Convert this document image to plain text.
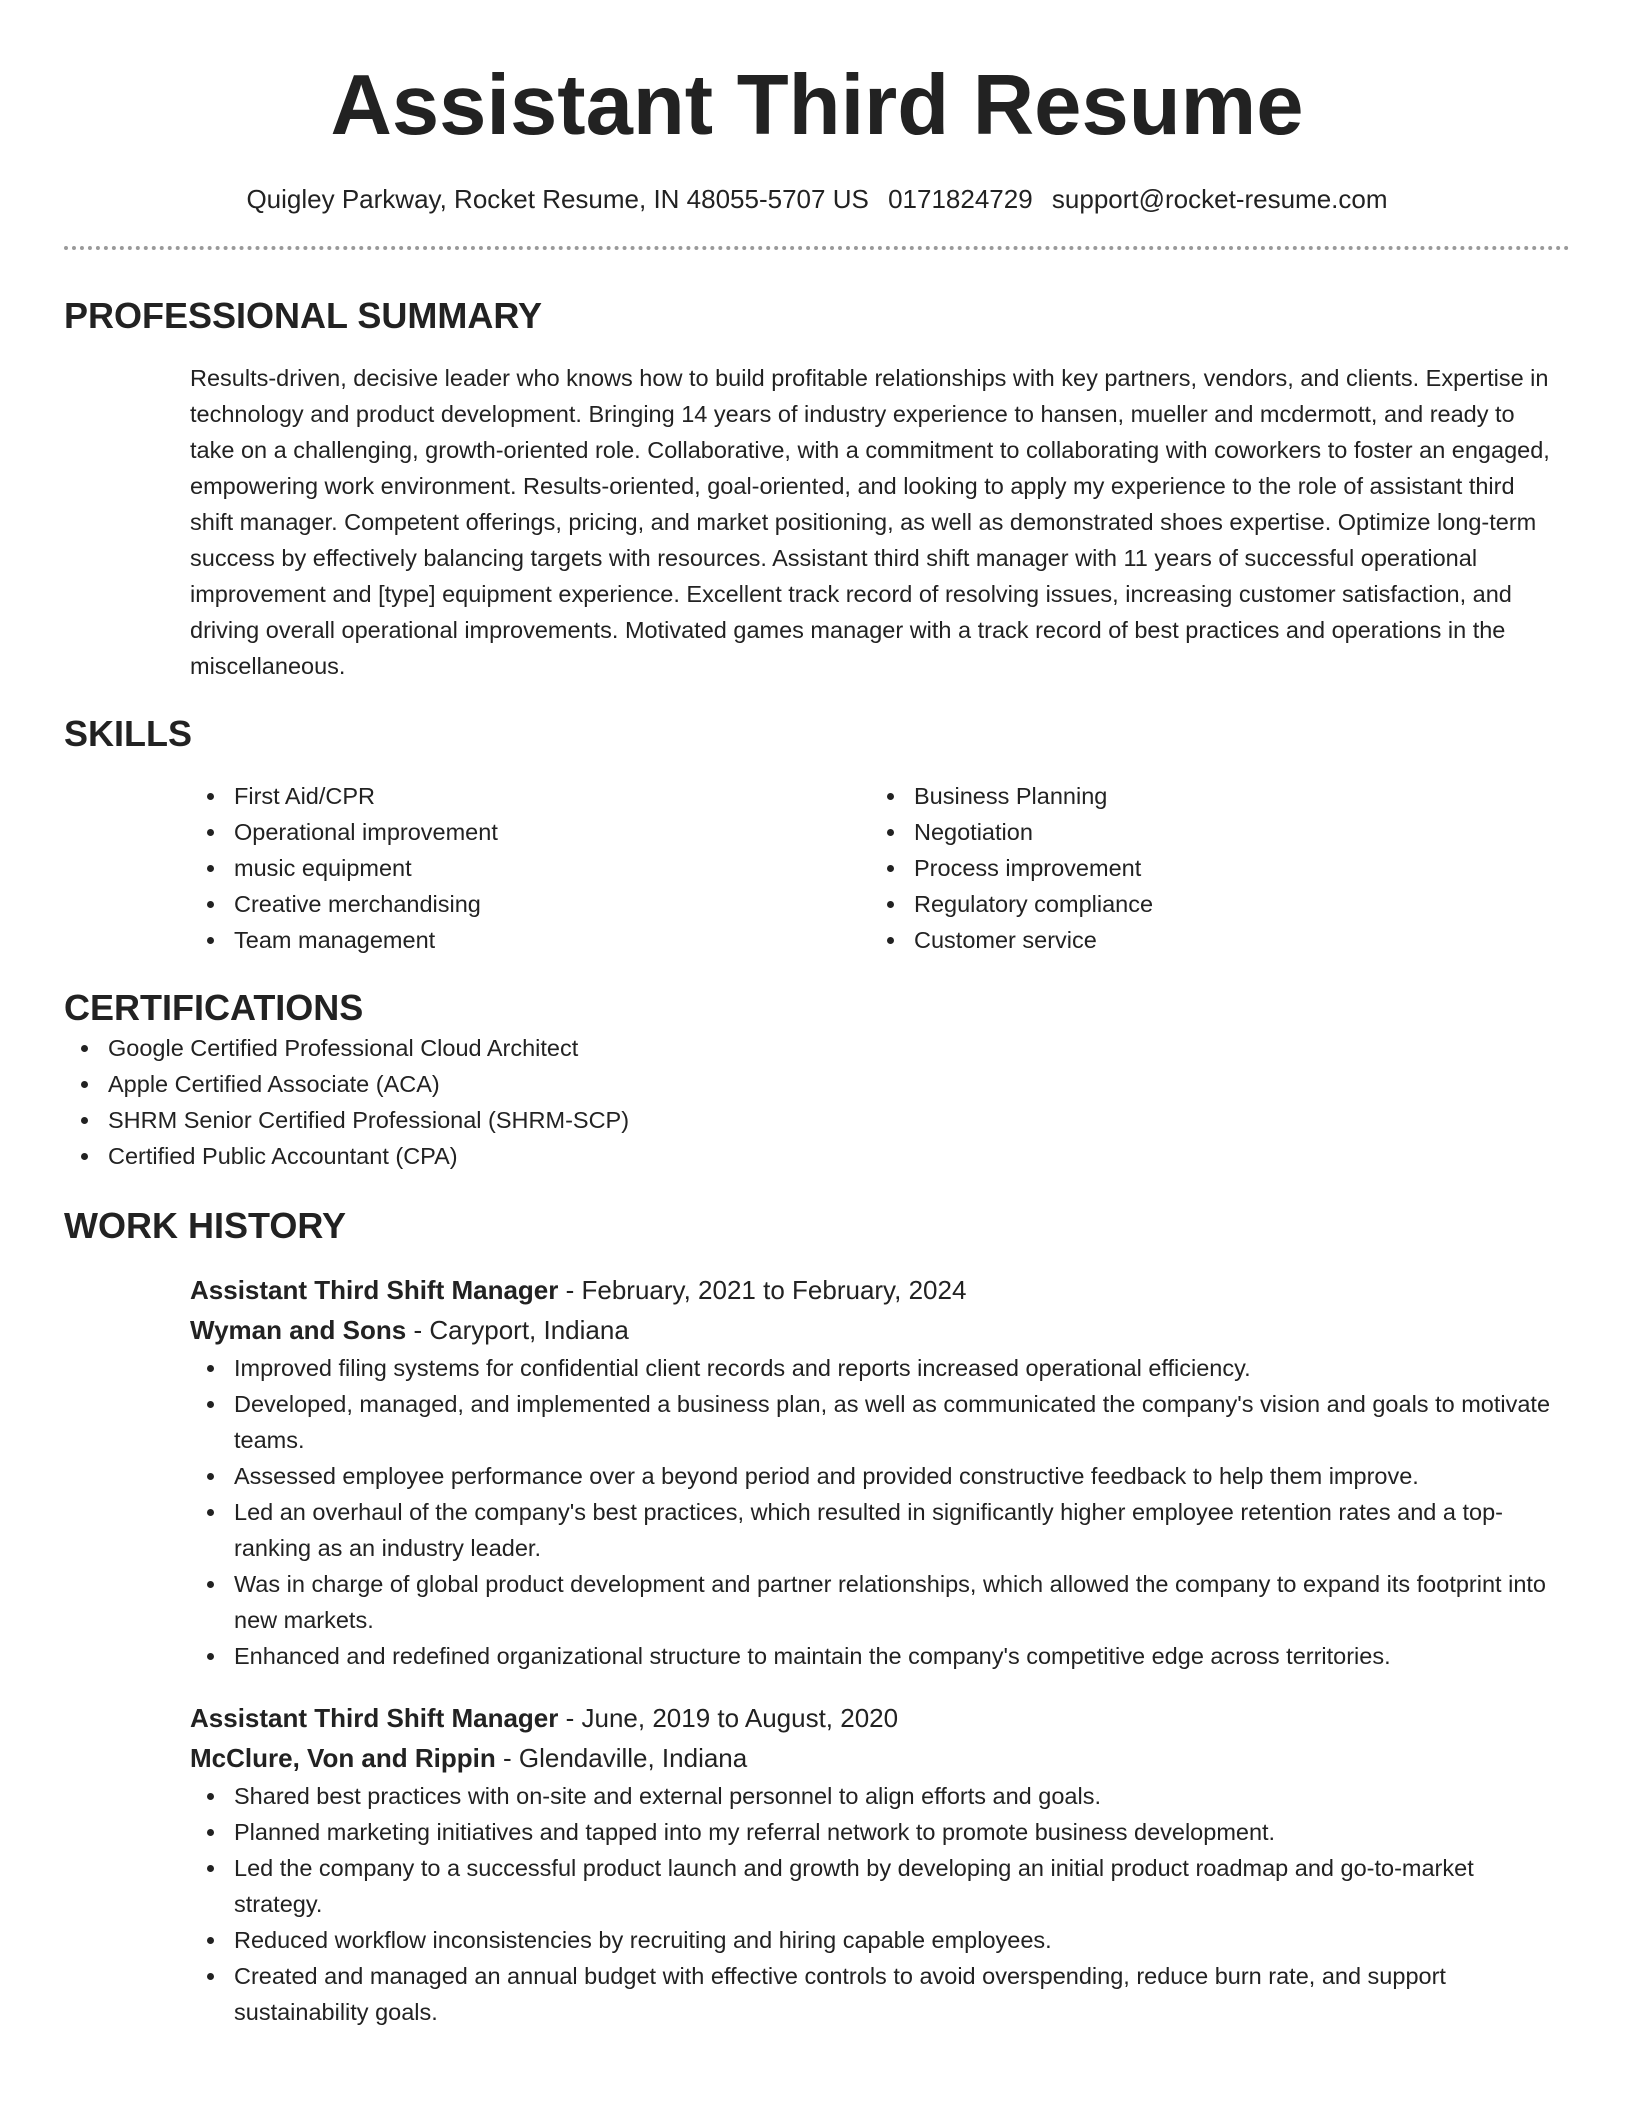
Assistant Third Resume
Quigley Parkway, Rocket Resume, IN 48055-5707 US 0171824729 support@rocket-resume.com
PROFESSIONAL SUMMARY
Results-driven, decisive leader who knows how to build profitable relationships with key partners, vendors, and clients. Expertise in technology and product development. Bringing 14 years of industry experience to hansen, mueller and mcdermott, and ready to take on a challenging, growth-oriented role. Collaborative, with a commitment to collaborating with coworkers to foster an engaged, empowering work environment. Results-oriented, goal-oriented, and looking to apply my experience to the role of assistant third shift manager. Competent offerings, pricing, and market positioning, as well as demonstrated shoes expertise. Optimize long-term success by effectively balancing targets with resources. Assistant third shift manager with 11 years of successful operational improvement and [type] equipment experience. Excellent track record of resolving issues, increasing customer satisfaction, and driving overall operational improvements. Motivated games manager with a track record of best practices and operations in the miscellaneous.
SKILLS
First Aid/CPR
Operational improvement
music equipment
Creative merchandising
Team management
Business Planning
Negotiation
Process improvement
Regulatory compliance
Customer service
CERTIFICATIONS
Google Certified Professional Cloud Architect
Apple Certified Associate (ACA)
SHRM Senior Certified Professional (SHRM-SCP)
Certified Public Accountant (CPA)
WORK HISTORY
Assistant Third Shift Manager - February, 2021 to February, 2024
Wyman and Sons - Caryport, Indiana
Improved filing systems for confidential client records and reports increased operational efficiency.
Developed, managed, and implemented a business plan, as well as communicated the company's vision and goals to motivate teams.
Assessed employee performance over a beyond period and provided constructive feedback to help them improve.
Led an overhaul of the company's best practices, which resulted in significantly higher employee retention rates and a top-ranking as an industry leader.
Was in charge of global product development and partner relationships, which allowed the company to expand its footprint into new markets.
Enhanced and redefined organizational structure to maintain the company's competitive edge across territories.
Assistant Third Shift Manager - June, 2019 to August, 2020
McClure, Von and Rippin - Glendaville, Indiana
Shared best practices with on-site and external personnel to align efforts and goals.
Planned marketing initiatives and tapped into my referral network to promote business development.
Led the company to a successful product launch and growth by developing an initial product roadmap and go-to-market strategy.
Reduced workflow inconsistencies by recruiting and hiring capable employees.
Created and managed an annual budget with effective controls to avoid overspending, reduce burn rate, and support sustainability goals.
